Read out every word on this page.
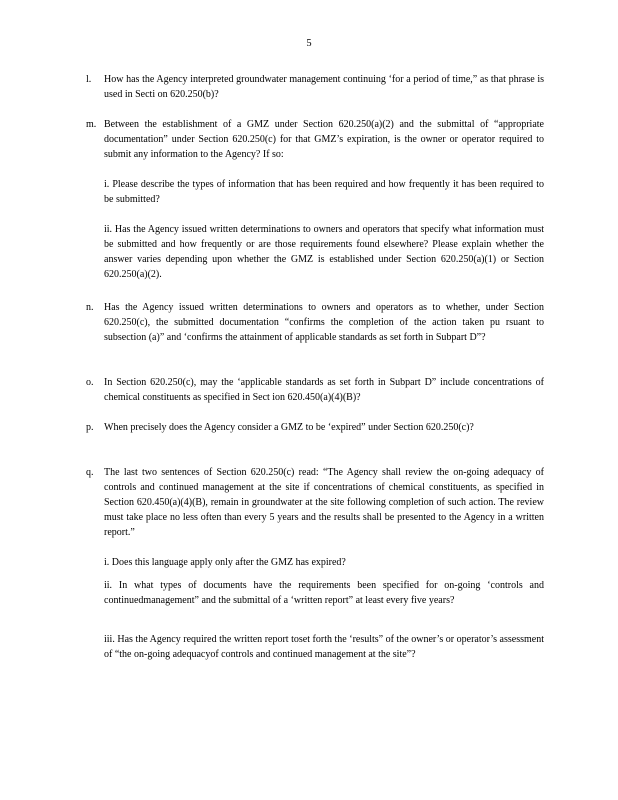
5
l.	How has the Agency interpreted groundwater management continuing ‘for a period of time,” as that phrase is used in Secti on 620.250(b)?
m. Between the establishment of a GMZ under Section 620.250(a)(2) and the submittal of “appropriate documentation” under Section 620.250(c) for that GMZ’s expiration, is the owner or operator required to submit any information to the Agency? If so:
i. Please describe the types of information that has been required and how frequently it has been required to be submitted?
ii. Has the Agency issued written determinations to owners and operators that specify what information must be submitted and how frequently or are those requirements found elsewhere? Please explain whether the answer varies depending upon whether the GMZ is established under Section 620.250(a)(1) or Section 620.250(a)(2).
n.	Has the Agency issued written determinations to owners and operators as to whether, under Section 620.250(c), the submitted documentation “confirms the completion of the action taken pu rsuant to subsection (a)” and ‘confirms the attainment of applicable standards as set forth in Subpart D”?
o.	In Section 620.250(c), may the ‘applicable standards as set forth in Subpart D” include concentrations of chemical constituents as specified in Sect ion 620.450(a)(4)(B)?
p.	When precisely does the Agency consider a GMZ to be ‘expired” under Section 620.250(c)?
q.	The last two sentences of Section 620.250(c) read: “The Agency shall review the on-going adequacy of controls and continued management at the site if concentrations of chemical constituents, as specified in Section 620.450(a)(4)(B), remain in groundwater at the site following completion of such action. The review must take place no less often than every 5 years and the results shall be presented to the Agency in a written report.”
i. Does this language apply only after the GMZ has expired?
ii. In what types of documents have the requirements been specified for on-going ‘controls and continuedmanagement” and the submittal of a ‘written report” at least every five years?
iii. Has the Agency required the written report toset forth the ‘results” of the owner’s or operator’s assessment of “the on-going adequacyof controls and continued management at the site”?
